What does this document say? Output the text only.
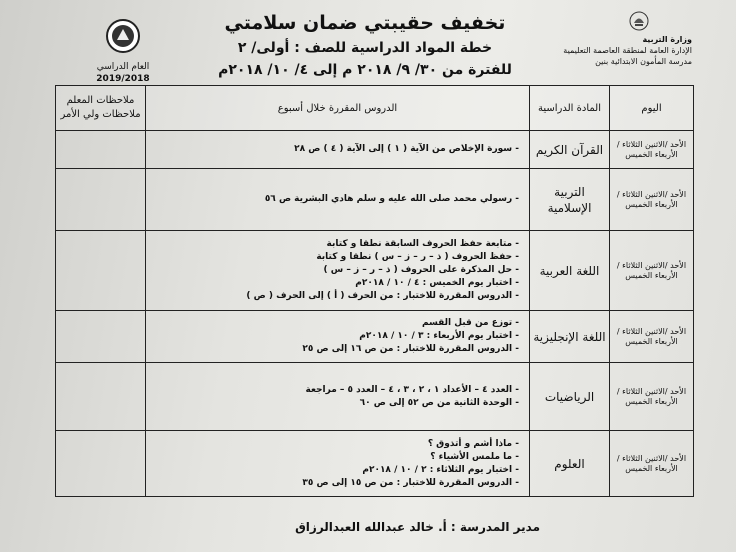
وزارة التربية
الإدارة العامة لمنطقة العاصمة التعليمية
مدرسة المأمون الابتدائية بنين
تخفيف حقيبتي ضمان سلامتي
خطة المواد الدراسية للصف : أولى/ ٢
للفترة من ٣٠/ ٩/ ٢٠١٨ م إلى ٤/ ١٠/ ٢٠١٨م
العام الدراسي
2019/2018
اليوم	المادة الدراسية	الدروس المقررة خلال أسبوع	ملاحظات المعلم ملاحظات ولي الأمر
الأحد /الاثنين الثلاثاء /الأربعاء الخميس	القرآن الكريم	- سورة الإخلاص من الآية ( ١ ) إلى الآية ( ٤ ) ص ٢٨	

الأحد /الاثنين الثلاثاء /الأربعاء الخميس	التربية الإسلامية	- رسولي محمد صلى الله عليه و سلم هادي البشرية ص ٥٦	

الأحد /الاثنين الثلاثاء /الأربعاء الخميس	اللغة العربية	- متابعة حفظ الحروف السابقة نطقا و كتابة
- حفظ الحروف ( ذ – ر – ز – س ) نطقا و كتابة
- حل المذكرة على الحروف ( ذ – ر – ز – س )
- اختبار يوم الخميس : ٤ / ١٠ / ٢٠١٨م
- الدروس المقررة للاختبار : من الحرف ( أ ) إلى الحرف ( ص )	

الأحد /الاثنين الثلاثاء /الأربعاء الخميس	اللغة الإنجليزية	- توزع من قبل القسم
- اختبار يوم الأربعاء : ٣ / ١٠ / ٢٠١٨م
- الدروس المقررة للاختبار : من ص ١٦ إلى ص ٢٥	

الأحد /الاثنين الثلاثاء /الأربعاء الخميس	الرياضيات	- العدد ٤ – الأعداد ١ ، ٢ ، ٣ ، ٤ – العدد ٥ – مراجعة
- الوحدة الثانية من ص ٥٢ إلى ص ٦٠	

الأحد /الاثنين الثلاثاء /الأربعاء الخميس	العلوم	- ماذا أشم و أتذوق ؟
- ما ملمس الأشياء ؟
- اختبار يوم الثلاثاء : ٢ / ١٠ / ٢٠١٨م
- الدروس المقررة للاختبار : من ص ١٥ إلى ص ٣٥	

مدير المدرسة : أ. خالد عبدالله العبدالرزاق
